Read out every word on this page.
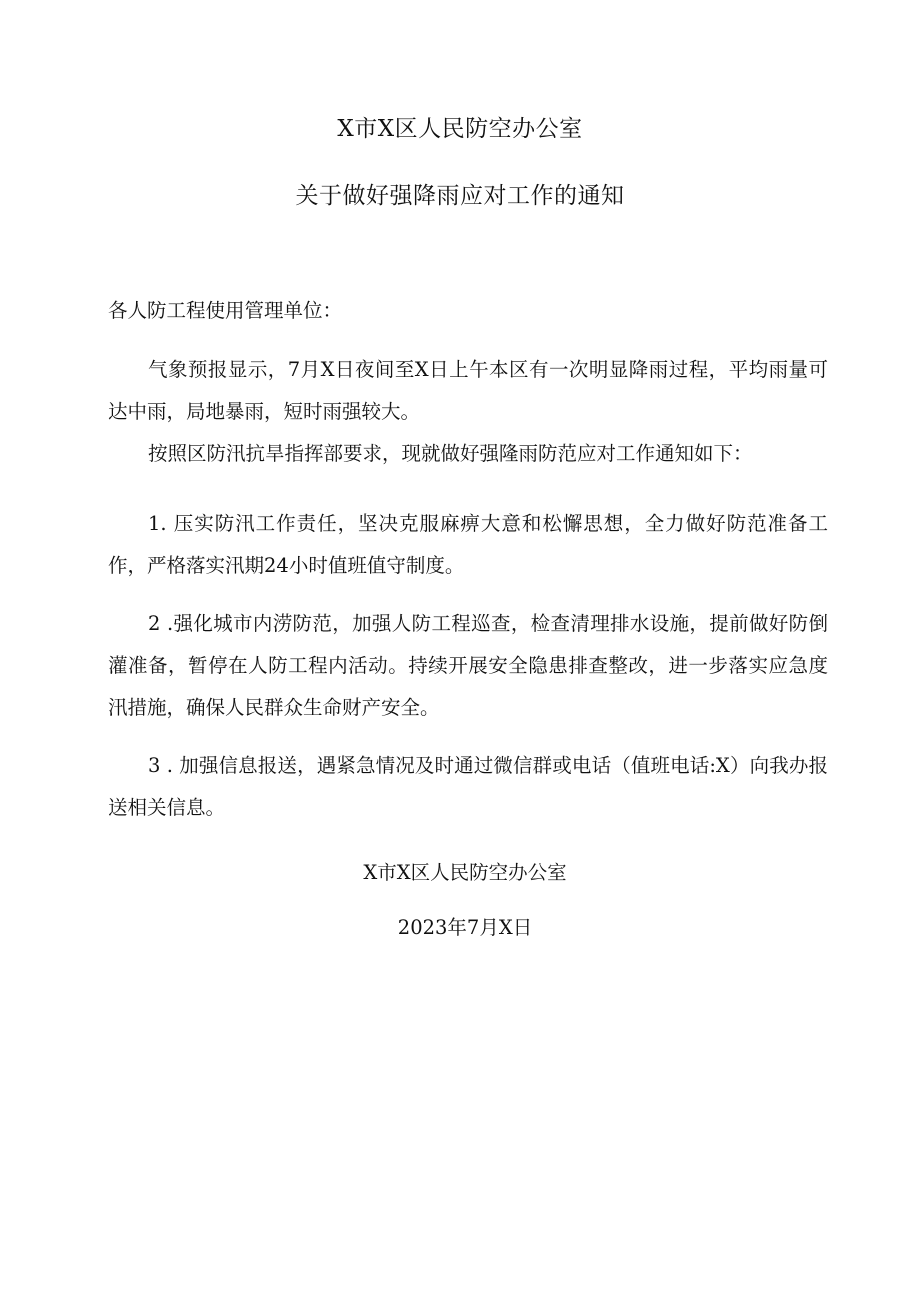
X市X区人民防空办公室
关于做好强降雨应对工作的通知

各人防工程使用管理单位：

气象预报显示，7月X日夜间至X日上午本区有一次明显降雨过程，平均雨量可达中雨，局地暴雨，短时雨强较大。

按照区防汛抗旱指挥部要求，现就做好强隆雨防范应对工作通知如下：

1. 压实防汛工作责任，坚决克服麻痹大意和松懈思想，全力做好防范准备工作，严格落实汛期24小时值班值守制度。

2 .强化城市内涝防范，加强人防工程巡查，检查清理排水设施，提前做好防倒灌准备，暂停在人防工程内活动。持续开展安全隐患排查整改，进一步落实应急度汛措施，确保人民群众生命财产安全。

3 . 加强信息报送，遇紧急情况及时通过微信群或电话（值班电话:X）向我办报送相关信息。

X市X区人民防空办公室

2023年7月X日
